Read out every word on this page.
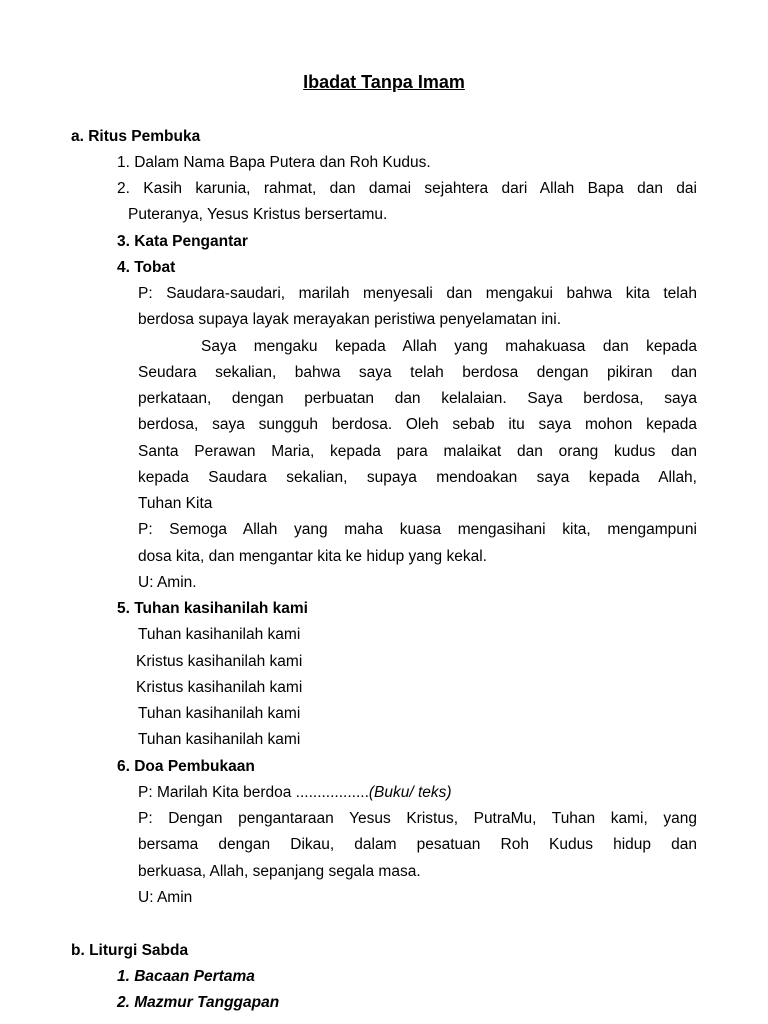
Ibadat Tanpa Imam
a. Ritus Pembuka
1. Dalam Nama Bapa Putera dan Roh Kudus.
2. Kasih karunia, rahmat, dan damai sejahtera dari Allah Bapa dan dai
Puteranya, Yesus Kristus bersertamu.
3. Kata Pengantar
4. Tobat
P: Saudara-saudari, marilah menyesali dan mengakui bahwa kita telah
berdosa supaya layak merayakan peristiwa penyelamatan ini.
Saya mengaku kepada Allah yang mahakuasa dan kepada
Seudara sekalian, bahwa saya telah berdosa dengan pikiran dan
perkataan, dengan perbuatan dan kelalaian. Saya berdosa, saya
berdosa, saya sungguh berdosa. Oleh sebab itu saya mohon kepada
Santa Perawan Maria, kepada para malaikat dan orang kudus dan
kepada Saudara sekalian, supaya mendoakan saya kepada Allah,
Tuhan Kita
P: Semoga Allah yang maha kuasa mengasihani kita, mengampuni
dosa kita, dan mengantar kita ke hidup yang kekal.
U: Amin.
5. Tuhan kasihanilah kami
Tuhan kasihanilah kami
Kristus kasihanilah kami
Kristus kasihanilah kami
Tuhan kasihanilah kami
Tuhan kasihanilah kami
6. Doa Pembukaan
P: Marilah Kita berdoa .................(Buku/ teks)
P: Dengan pengantaraan Yesus Kristus, PutraMu, Tuhan kami, yang
bersama dengan Dikau, dalam pesatuan Roh Kudus hidup dan
berkuasa, Allah, sepanjang segala masa.
U: Amin
b. Liturgi Sabda
1. Bacaan Pertama
2. Mazmur Tanggapan
